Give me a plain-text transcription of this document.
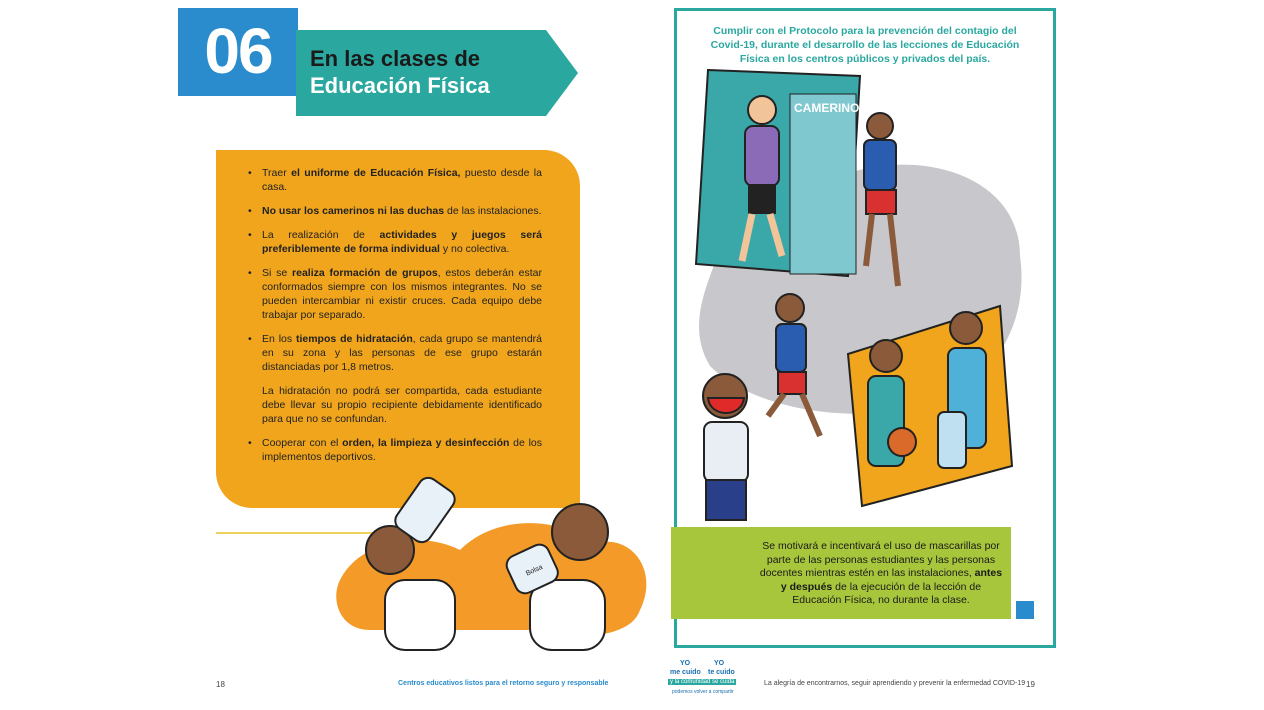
06	En las clases de
Educación Física
• Traer el uniforme de Educación Física, puesto desde la casa.
• No usar los camerinos ni las duchas de las instalaciones.
• La realización de actividades y juegos será preferiblemente de forma individual y no colectiva.
• Si se realiza formación de grupos, estos deberán estar conformados siempre con los mismos integrantes. No se pueden intercambiar ni existir cruces. Cada equipo debe trabajar por separado.
• En los tiempos de hidratación, cada grupo se mantendrá en su zona y las personas de ese grupo estarán distanciadas por 1,8 metros.
La hidratación no podrá ser compartida, cada estudiante debe llevar su propio recipiente debidamente identificado para que no se confundan.
• Cooperar con el orden, la limpieza y desinfección de los implementos deportivos.
Bolsa
Cumplir con el Protocolo para la prevención del contagio del Covid-19, durante el desarrollo de las lecciones de Educación Física en los centros públicos y privados del país.
CAMERINO
Se motivará e incentivará el uso de mascarillas por parte de las personas estudiantes y las personas docentes mientras estén en las instalaciones, antes y después de la ejecución de la lección de Educación Física, no durante la clase.
18	Centros educativos listos para el retorno seguro y responsable
YO
me cuido
YO
te cuido
y la comunidad se cuida
podemos volver a compartir
La alegría de encontrarnos, seguir aprendiendo y prevenir la enfermedad COVID-19 19
